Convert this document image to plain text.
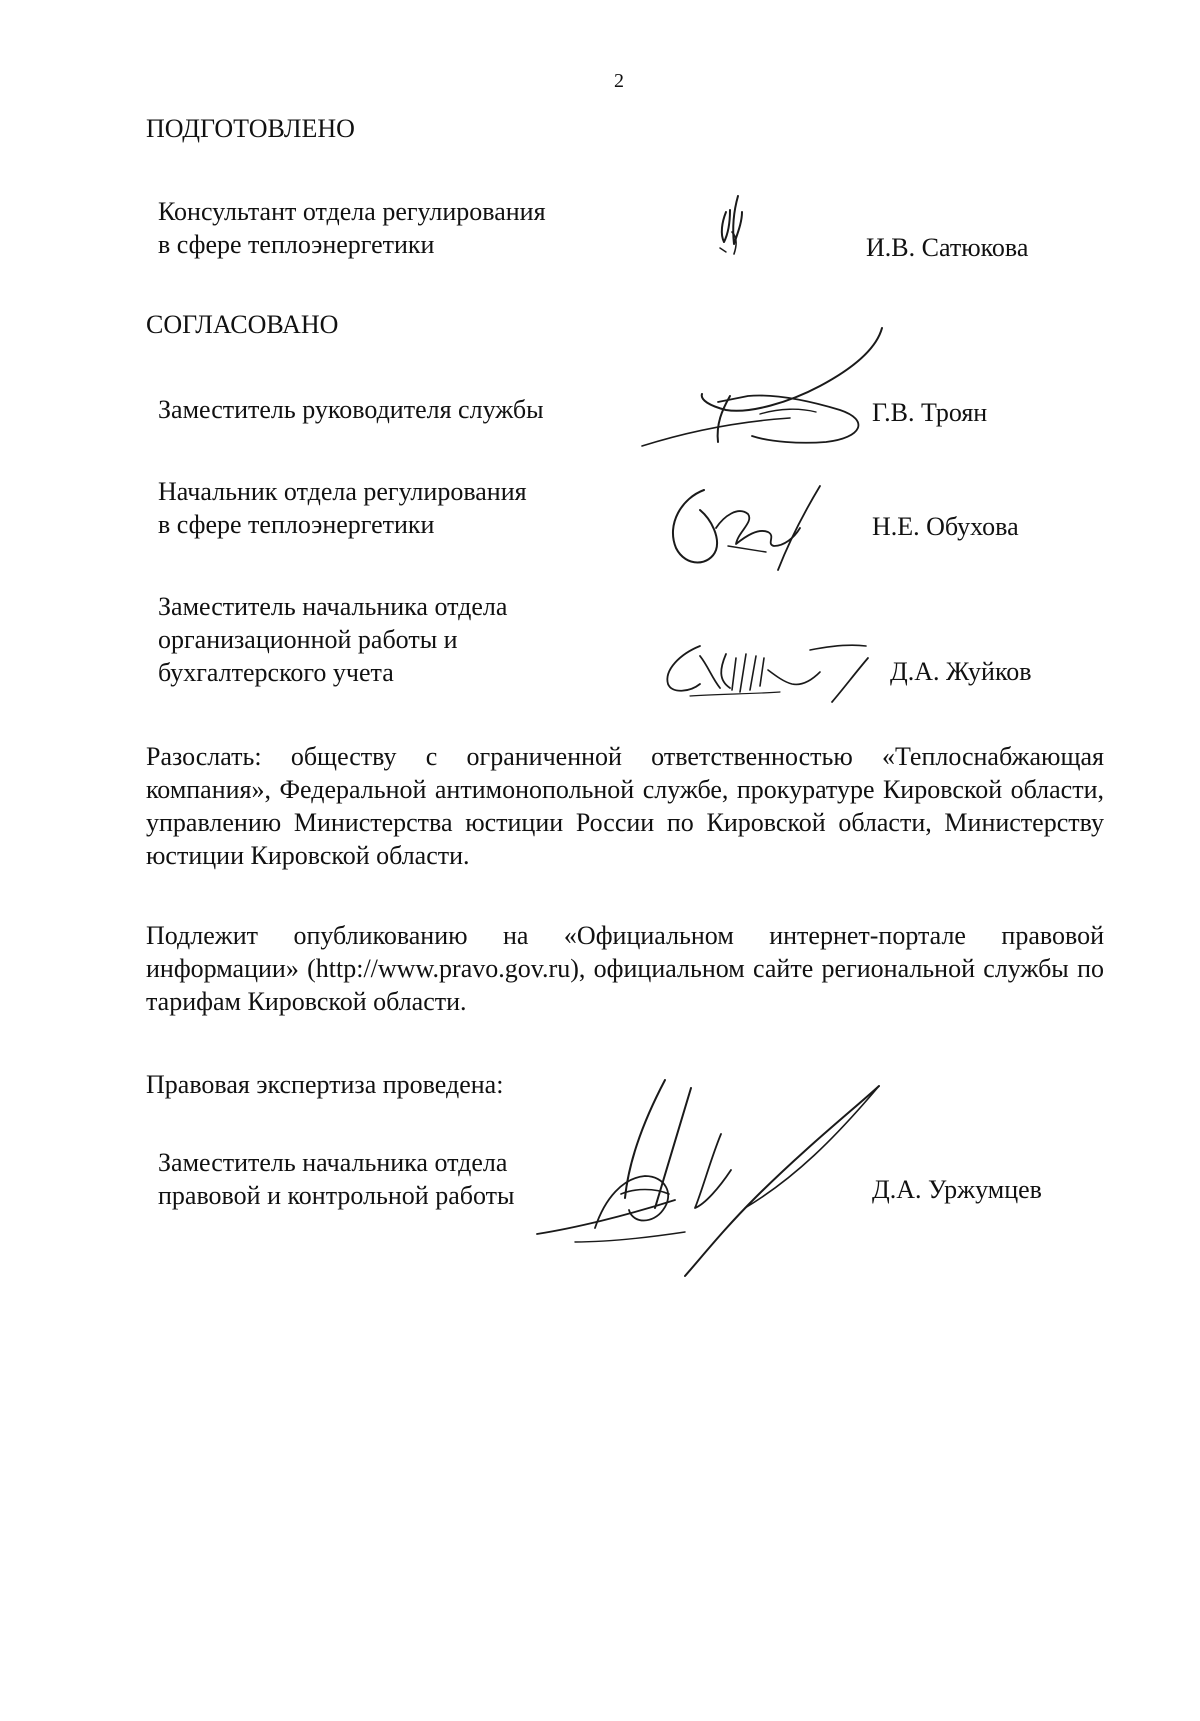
2
ПОДГОТОВЛЕНО
Консультант отдела регулирования
в сфере теплоэнергетики	И.В. Сатюкова
СОГЛАСОВАНО
Заместитель руководителя службы	Г.В. Троян
Начальник отдела регулирования
в сфере теплоэнергетики	Н.Е. Обухова
Заместитель начальника отдела
организационной работы и
бухгалтерского учета	Д.А. Жуйков
Разослать: обществу с ограниченной ответственностью «Теплоснабжающая компания», Федеральной антимонопольной службе, прокуратуре Кировской области, управлению Министерства юстиции России по Кировской области, Министерству юстиции Кировской области.
Подлежит опубликованию на «Официальном интернет-портале правовой информации» (http://www.pravo.gov.ru), официальном сайте региональной службы по тарифам Кировской области.
Правовая экспертиза проведена:
Заместитель начальника отдела
правовой и контрольной работы	Д.А. Уржумцев
